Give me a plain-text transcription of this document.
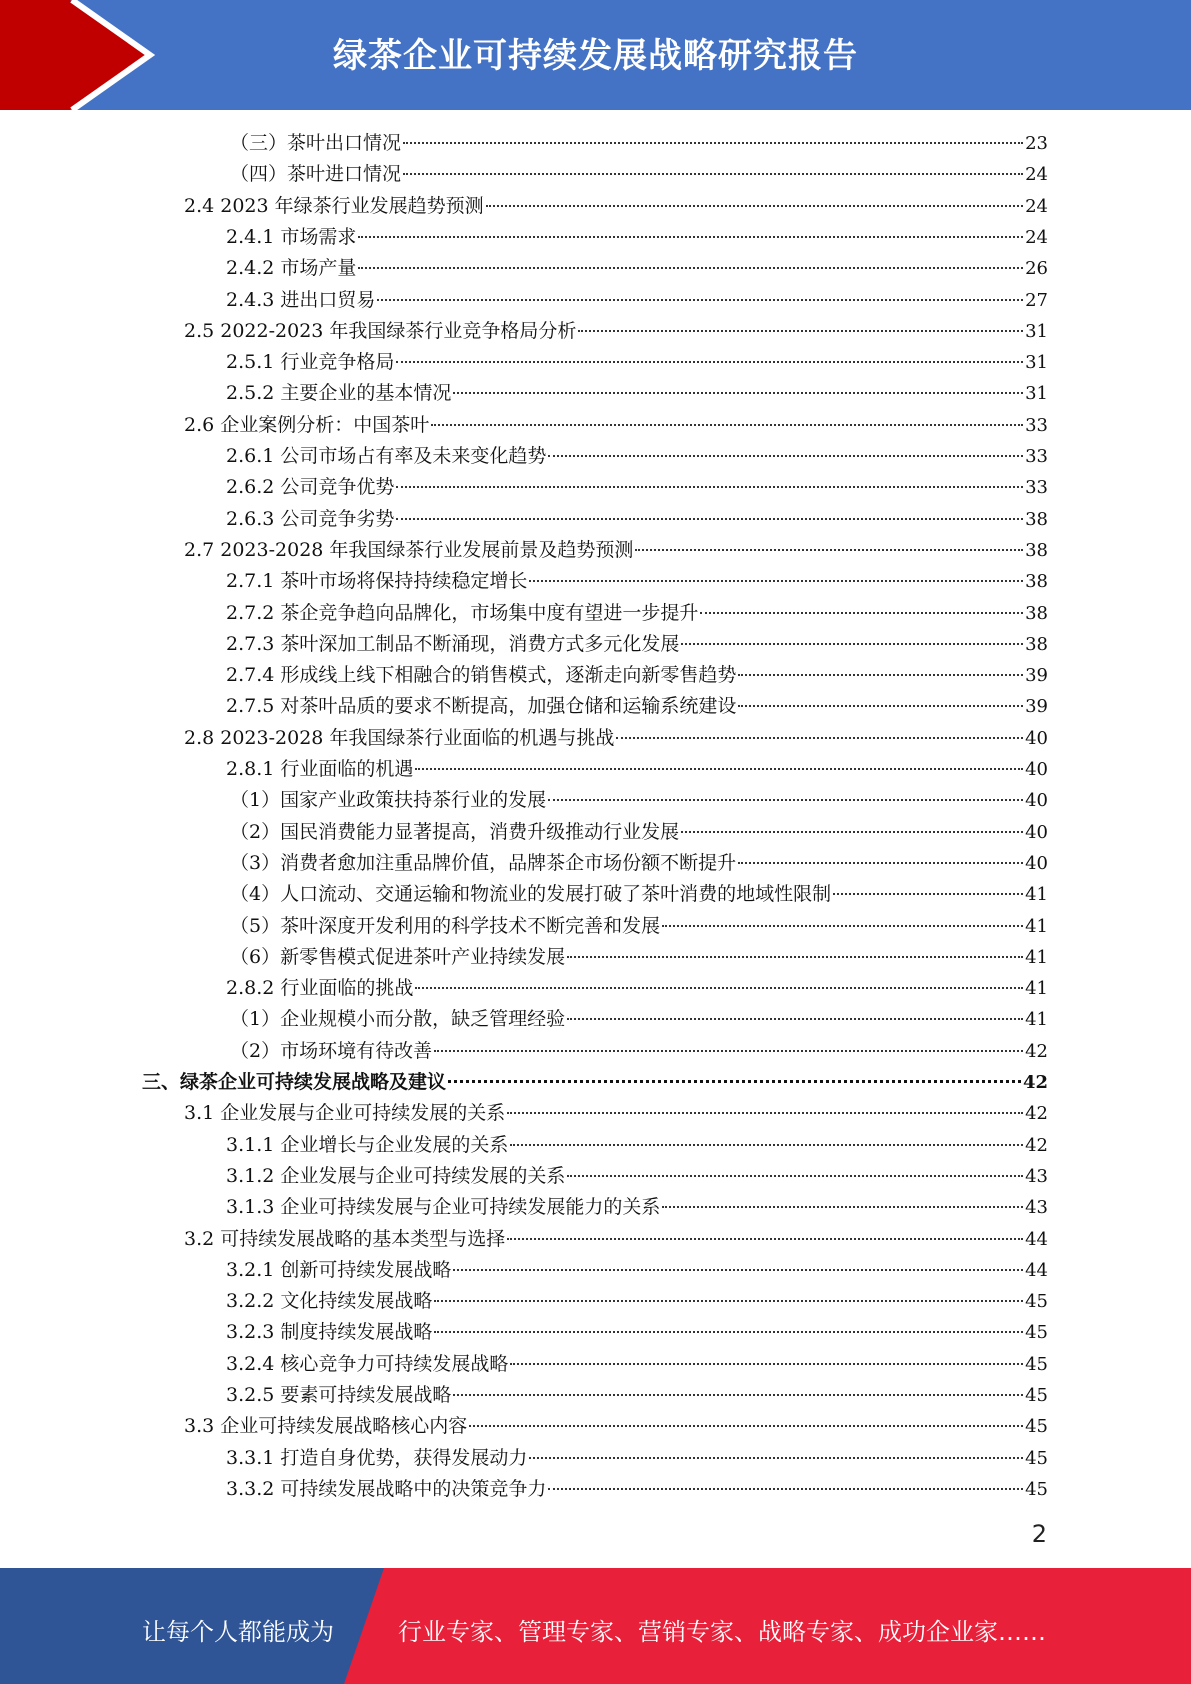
绿茶企业可持续发展战略研究报告
（三）茶叶出口情况	23
（四）茶叶进口情况	24
2.4 2023 年绿茶行业发展趋势预测	24
2.4.1 市场需求	24
2.4.2 市场产量	26
2.4.3 进出口贸易	27
2.5 2022-2023 年我国绿茶行业竞争格局分析	31
2.5.1 行业竞争格局	31
2.5.2 主要企业的基本情况	31
2.6 企业案例分析：中国茶叶	33
2.6.1 公司市场占有率及未来变化趋势	33
2.6.2 公司竞争优势	33
2.6.3 公司竞争劣势	38
2.7 2023-2028 年我国绿茶行业发展前景及趋势预测	38
2.7.1 茶叶市场将保持持续稳定增长	38
2.7.2 茶企竞争趋向品牌化，市场集中度有望进一步提升	38
2.7.3 茶叶深加工制品不断涌现，消费方式多元化发展	38
2.7.4 形成线上线下相融合的销售模式，逐渐走向新零售趋势	39
2.7.5 对茶叶品质的要求不断提高，加强仓储和运输系统建设	39
2.8 2023-2028 年我国绿茶行业面临的机遇与挑战	40
2.8.1 行业面临的机遇	40
（1）国家产业政策扶持茶行业的发展	40
（2）国民消费能力显著提高，消费升级推动行业发展	40
（3）消费者愈加注重品牌价值，品牌茶企市场份额不断提升	40
（4）人口流动、交通运输和物流业的发展打破了茶叶消费的地域性限制	41
（5）茶叶深度开发利用的科学技术不断完善和发展	41
（6）新零售模式促进茶叶产业持续发展	41
2.8.2 行业面临的挑战	41
（1）企业规模小而分散，缺乏管理经验	41
（2）市场环境有待改善	42
三、绿茶企业可持续发展战略及建议	42
3.1 企业发展与企业可持续发展的关系	42
3.1.1 企业增长与企业发展的关系	42
3.1.2 企业发展与企业可持续发展的关系	43
3.1.3 企业可持续发展与企业可持续发展能力的关系	43
3.2 可持续发展战略的基本类型与选择	44
3.2.1 创新可持续发展战略	44
3.2.2 文化持续发展战略	45
3.2.3 制度持续发展战略	45
3.2.4 核心竞争力可持续发展战略	45
3.2.5 要素可持续发展战略	45
3.3 企业可持续发展战略核心内容	45
3.3.1 打造自身优势，获得发展动力	45
3.3.2 可持续发展战略中的决策竞争力	45
2
让每个人都能成为	行业专家、管理专家、营销专家、战略专家、成功企业家……
